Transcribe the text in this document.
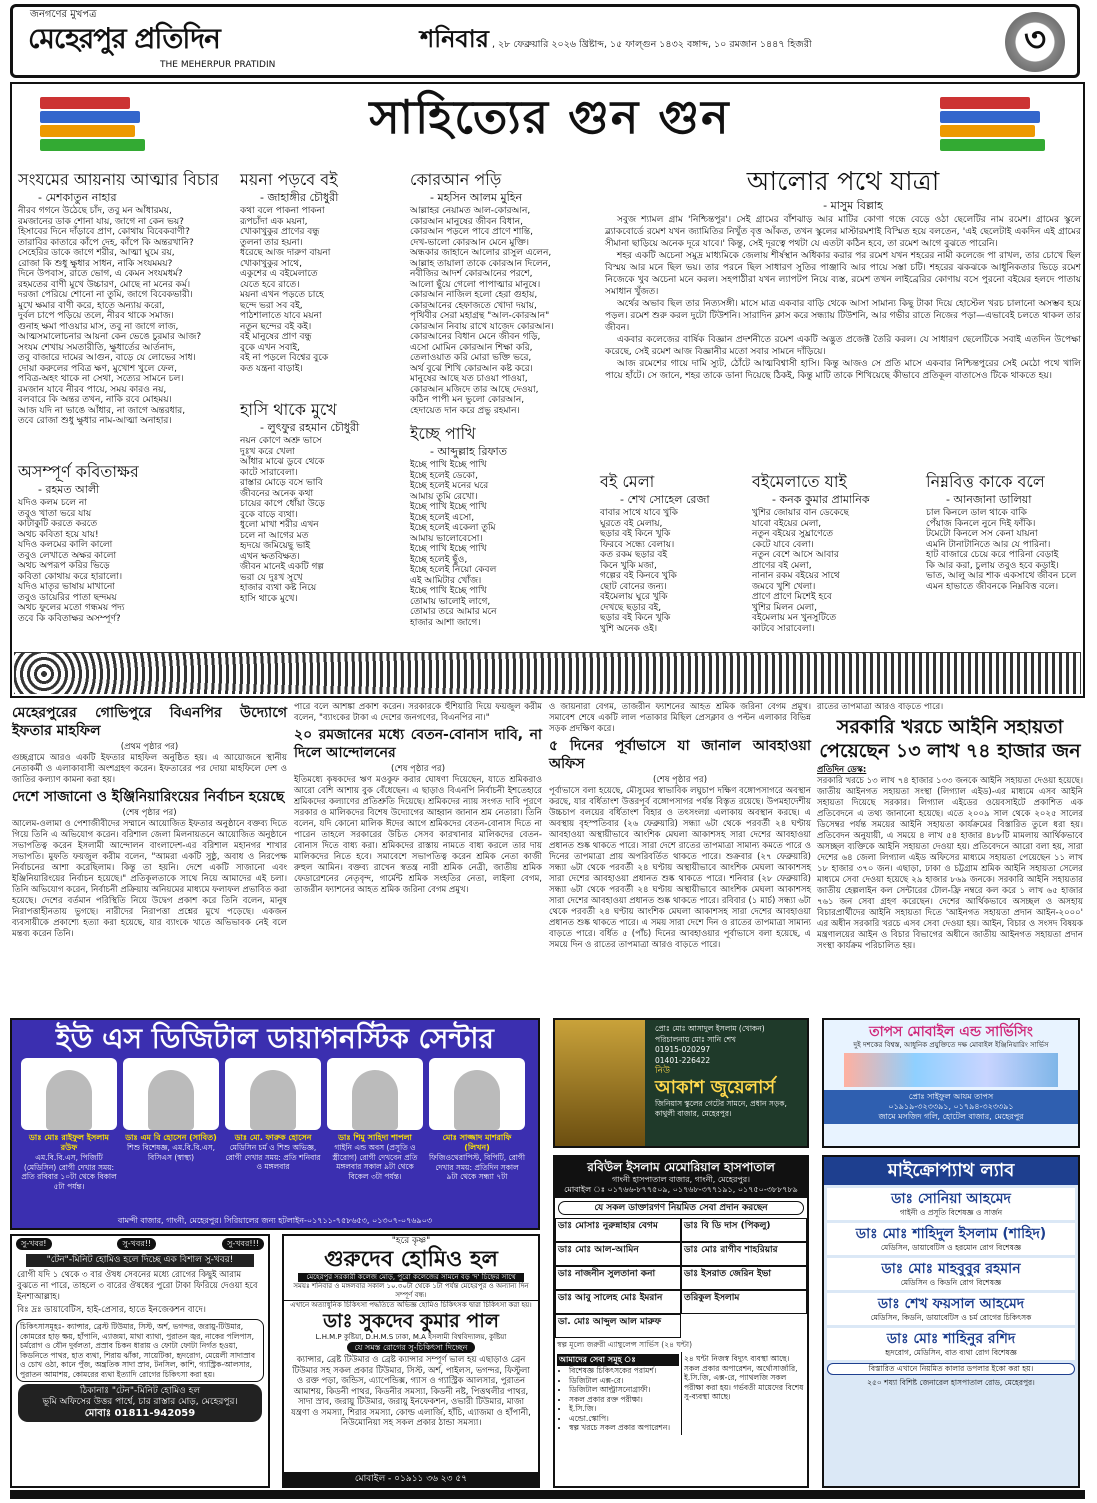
জনগণের মুখপত্র
মেহেরপুর প্রতিদিন
THE MEHERPUR PRATIDIN
শনিবার , ২৮ ফেব্রুয়ারি ২০২৬ খ্রিষ্টাব্দ, ১৫ ফাল্গুন ১৪৩২ বঙ্গাব্দ, ১০ রমজান ১৪৪৭ হিজরী	৩
সাহিত্যের গুন গুন
সংযমের আয়নায় আত্মার বিচার
- মেশকাতুন নাহার
নীরব গগনে উঠেছে চাঁদ, তবু মন আঁধারময়,
রমজানের ডাক শোনা যায়, জাগে না কেন ভয়?
হিসাবের দিনে দাঁড়াবে প্রাণ, কোথায় বিবেকবাণী?
তারাবির কাতারে কাঁপে দেহ, কাঁপে কি অন্তরখানি?
সেহেরির ডাকে জাগে শরীর, আত্মা ঘুমে রয়,
রোজা কি শুধু ক্ষুধার সাধন, নাকি সংযমময়?
দিনে উপবাস, রাতে ভোগ, এ কেমন সংযমধর্ম?
রহমতের বাণী মুখে উচ্চারণ, মোছে না মনের কর্ম।
দরজা পেরিয়ে শোনো না তুমি, জাগে বিবেকভারী।
মুখে ক্ষমার বাণী করে, হাতে অন্যায় করো,
দুর্বল চাপে পড়িয়ে তলে, নীরব থাকে সমাজ।
গুনাহ ক্ষমা পাওয়ার মাস, তবু না জাগে লাজ,
আত্মসমালোচনার আয়না কেন ভেঙে চুরমার আজ?
সংযম শেখায় সমতারীতি, ক্ষুধার্তের আর্তনাদ,
তবু বাজারে দামের আগুন, বাড়ে যে লোভের সাধ।
দোয়া করুলের পবিত্র ক্ষণ, মুখোশ খুলে ফেল,
পবিত্র-অহং থাকে না সেথা, সত্যের সামনে চল।
রমজান যাবে নীরব পায়ে, সময় কারও নয়,
বলবারে কি অন্তর তখন, নাকি রবে মোহময়।
আজ যদি না ভাঙে আঁধার, না জাগে অন্তরধার,
তবে রোজা শুধু ক্ষুধার নাম-আত্মা অনাহার।
অসম্পূর্ণ কবিতাক্ষর
- রহমত আলী
যদিও কলম চলে না
তবুও খাতা ভরে যায়
কাটাকুটি করতে করতে
অথচ কবিতা হয়ে যায়!
যদিও কলমের কালি কালো
তবুও লেখাতে অক্ষর কালো
অথচ অপরূপ করির ভিড়ে
কবিতা কোথায় করে হারালো।
যদিও মাতৃর ভাষায় মাখানো
তবুও ডায়েরির পাতা ছন্দময়
অথচ ফুলের মতো গন্ধময় পদ্য
তবে কি কবিতাক্ষর অসম্পূর্ণ?
ময়না পড়বে বই
- জাহাঙ্গীর চৌধুরী
কথা বলে পাকনা পাকনা
রূপচাঁদা এক ময়না,
খোকাখুকুর প্রাণের বন্ধু
তুলনা তার হয়না।
ধরেছে আজ দারুণ বায়না
খোকাখুকুর সাথে,
একুশের এ বইমেলাতে
যেতে হবে রাতে।
ময়না এখন পড়তে চাহে
ছন্দে ভরা সব বই,
পাঠশালাতে যাবে ময়না
নতুন ছন্দের বই কই।
বই মানুষের প্রাণ বন্ধু
বুকে এখন সবাই,
বই না পড়লে বিশ্বের বুকে
কত যন্ত্রনা বাড়াই।
হাসি থাকে মুখে
- লুৎফুর রহমান চৌধুরী
নয়ন কোণে অশ্রু ভাসে
দুঃখ করে খেলা
আঁধার মাঝে ডুবে থেকে
কাটে সারাবেলা।
রাস্তার মোড়ে বসে ভাবি
জীবনের অনেক কথা
চায়ের কাপে ধোঁয়া উড়ে
বুকে বাড়ে ব্যথা।
ধুলো মাখা শরীর এখন
চলে না আগের মত
হৃদয়ে জমিয়েছু ভাই
এখন ক্ষতবিক্ষত।
জীবন মানেই একটি গল্প
ভরা যে দুঃখ সুখে
হাজার ব্যথা কষ্ট নিয়ে
হাসি থাকে মুখে।
কোরআন পড়ি
- মহসিন আলম মুহিন
আল্লাহর নেয়ামত আল-কোরআন,
কোরআন মানুষের জীবন বিধান,
কোরআন পড়লে পাবে প্রাণে শান্তি,
দেখ-ভালো কোরআন মেনে মুক্তি।
অন্ধকার জাহানে আলোর রাসুল এলেন,
আল্লাহ তায়ালা তাকে কোরআন দিলেন,
নবীজির আদর্শ কোরআনের পরশে,
আলো ছুঁয়ে গেলো পাপাত্মার মানুষে।
কোরআন নাজিল হলো হেরা গুহায়,
কোরআনের হেফাজতে খোদা দয়ায়,
পৃথিবীর সেরা মহাগ্রন্থ "আল-কোরআন"
কোরআন নিবায় রাখে যাজেদ কোরআন।
কোরআনের বিধান মেনে জীবন গড়ি,
এসো মোমিন কোরআন শিক্ষা করি,
তেলাওয়াত করি মোরা ভক্তি ভরে,
অর্থ বুঝে শিখি কোরআন কষ্ট করে।
মানুষের আছে যত চাওয়া পাওয়া,
কোরআন মজিদে তার আছে দেওয়া,
কঠিন পাপী মন ভুলো কোরআন,
হেদায়েত দান করে প্রভু রহমান।
ইচ্ছে পাখি
- আব্দুল্লাহ রিফাত
ইচ্ছে পাখি ইচ্ছে পাখি
ইচ্ছে হলেই ডেকো,
ইচ্ছে হলেই মনের ঘরে
আমায় তুমি রেখো।
ইচ্ছে পাখি ইচ্ছে পাখি
ইচ্ছে হলেই এসো,
ইচ্ছে হলেই একেলা তুমি
আমায় ভালোবেসো।
ইচ্ছে পাখি ইচ্ছে পাখি
ইচ্ছে হলেই ছুঁও,
ইচ্ছে হলেই নিয়ো কেবল
এই আমিটার খোঁজ।
ইচ্ছে পাখি ইচ্ছে পাখি
তোমায় ভালোই লাগে,
তোমার তরে আমার মনে
হাজার আশা জাগে।
বই মেলা
- শেখ সোহেল রেজা
বাবার সাথে যাবে খুকি
ঘুরতে বই মেলায়,
ছড়ার বই কিনে খুকি
ফিরবে সন্ধ্যে বেলায়।
কত রকম ছড়ার বই
কিনে খুকি মজা,
গল্পের বই কিনবে খুকি
ছোট বোনের জন্য।
বইমেলায় ঘুরে খুকি
দেখছে ছড়ার বই,
ছড়ার বই কিনে খুকি
খুশি অনেক ওই।
বইমেলাতে যাই
- কনক কুমার প্রামানিক
খুশির জোয়ার বান ডেকেছে
যাবো বইয়ের মেলা,
নতুন বইয়ের সুঘ্রাণেতে
কেটে যাবে বেলা।
নতুন বেশে আসে আবার
প্রাণের বই মেলা,
নানান রকম বইয়ের সাথে
জমবে খুশি খেলা।
প্রাণে প্রাণে মিশেই হবে
খুশির মিলন মেলা,
বইমেলায় মন খুনসুটিতে
কাটবে সারাবেলা।
নিম্নবিত্ত কাকে বলে
- আনজানা ডালিয়া
চাল কিনলে ডাল থাকে বাকি
পেঁয়াজ কিনলে নুনে দিই ফাঁকি।
টমেটো কিনলে সস কেনা যায়না
এমনি টানাটানিতে আর যে পারিনা।
হাট বাজারে চেয়ে করে পারিনা বেড়াই
কি আর করা, চুলায় তবুও হবে কড়াই।
ভাত, আলু আর শাক একসাথে জীবন চলে
এমন হাভাতে জীবনকে নিম্নবিত্ত বলে।
আলোর পথে যাত্রা
- মাসুম বিল্লাহ

সবুজ শ্যামল গ্রাম 'নিশ্চিন্তপুর'। সেই গ্রামের বাঁশঝাড় আর মাটির কোণা গন্ধে বেড়ে ওঠা ছেলেটির নাম রমেশ। গ্রামের স্কুলে ব্ল্যাকবোর্ডে রমেশ যখন জ্যামিতির নিখুঁত বৃত্ত আঁকত, তখন স্কুলের মাস্টারমশাই বিস্মিত হয়ে বলতেন, 'এই ছেলেটাই একদিন এই গ্রামের সীমানা ছাড়িয়ে অনেক দূরে যাবে।' কিন্তু, সেই দূরত্বে পথটা যে এতটা কঠিন হবে, তা রমেশ আগে বুঝতে পারেনি।

শহর একটি অচেনা সমুদ্র মাধ্যমিকে জেলায় শীর্ষস্থান অধিকার করার পর রমেশ যখন শহরের নামী কলেজে পা রাখল, তার চোখে ছিল বিস্ময় আর মনে ছিল ভয়। তার পরনে ছিল সাধারণ সুতির পাঞ্জাবি আর পায়ে সস্তা চটি। শহরের ঝকঝকে আধুনিকতার ভিড়ে রমেশ নিজেকে খুব অচেনা মনে করল। সহপাঠীরা যখন ল্যাপটপ নিয়ে ব্যস্ত, রমেশ তখন লাইব্রেরির কোণায় বসে পুরনো বইয়ের হলদে পাতায় সমাধান খুঁজত।

অর্থের অভাব ছিল তার নিত্যসঙ্গী। মাসে মাত্র একবার বাড়ি থেকে আসা সামান্য কিছু টাকা দিয়ে হোস্টেল খরচ চালানো অসম্ভব হয়ে পড়ল। রমেশ শুরু করল দুটো টিউশনি। সারাদিন ক্লাস করে সন্ধ্যায় টিউশনি, আর গভীর রাতে নিজের পড়া—এভাবেই চলতে থাকল তার জীবন।

একবার কলেজের বার্ষিক বিজ্ঞান প্রদর্শনীতে রমেশ একটি অদ্ভুত প্রজেক্ট তৈরি করল। যে সাধারণ ছেলেটিকে সবাই এতদিন উপেক্ষা করেছে, সেই রমেশ আজ বিজ্ঞানীর মতো সবার সামনে দাঁড়িয়ে।

আজ রমেশের গায়ে দামি স্যুট, ঠোঁটে আত্মবিশ্বাসী হাসি। কিন্তু আজও সে প্রতি মাসে একবার নিশ্চিন্তপুরের সেই মেঠো পথে খালি পায়ে হাঁটে। সে জানে, শহর তাকে ডানা দিয়েছে ঠিকই, কিন্তু মাটি তাকে শিখিয়েছে কীভাবে প্রতিকূল বাতাসেও টিকে থাকতে হয়।

মেহেরপুরের গোভিপুরে বিএনপির উদ্যোগে ইফতার মাহফিল
(প্রথম পৃষ্ঠার পর)
গুচ্ছগ্রামে আরও একটি ইফতার মাহফিল অনুষ্ঠিত হয়। এ আয়োজনে স্থানীয় নেতাকর্মী ও এলাকাবাসী অংশগ্রহণ করেন। ইফতারের পর দোয়া মাহফিলে দেশ ও জাতির কল্যাণ কামনা করা হয়।
দেশে সাজানো ও ইঞ্জিনিয়ারিংয়ের নির্বাচন হয়েছে
(শেষ পৃষ্ঠার পর)
আলেম-ওলামা ও পেশাজীবীদের সম্মানে আয়োজিত ইফতার অনুষ্ঠানে বক্তব্য দিতে গিয়ে তিনি এ অভিযোগ করেন। বরিশাল জেলা মিলনায়তনে আয়োজিত অনুষ্ঠানে সভাপতিত্ব করেন ইসলামী আন্দোলন বাংলাদেশ-এর বরিশাল মহানগর শাখার সভাপতি। মুফতি ফয়জুল করীম বলেন, "আমরা একটি সুষ্ঠু, অবাধ ও নিরপেক্ষ নির্বাচনের আশা করেছিলাম। কিন্তু তা হয়নি। দেশে একটি সাজানো এবং ইঞ্জিনিয়ারিংয়ের নির্বাচন হয়েছে।" প্রতিকূলতাকে সাথে নিয়ে আমাদের এই চলা। তিনি অভিযোগ করেন, নির্বাচনী প্রক্রিয়ায় অনিয়মের মাধ্যমে ফলাফল প্রভাবিত করা হয়েছে। দেশের বর্তমান পরিস্থিতি নিয়ে উদ্বেগ প্রকাশ করে তিনি বলেন, মানুষ নিরাপত্তাহীনতায় ভুগছে। নারীদের নিরাপত্তা প্রশ্নের মুখে পড়েছে। একজন ব্যবসায়ীকে প্রকাশ্যে হত্যা করা হয়েছে, যার ব্যাংকে খাতে অভিভাবক নেই বলে মন্তব্য করেন তিনি।
পারে বলে আশঙ্কা প্রকাশ করেন। সরকারকে হুঁশিয়ারি দিয়ে ফয়জুল করীম বলেন, "ব্যাংকের টাকা এ দেশের জনগণের, বিএনপির না।"
২০ রমজানের মধ্যে বেতন-বোনাস দাবি, না দিলে আন্দোলনের
(শেষ পৃষ্ঠার পর)
ইতিমধ্যে কৃষকদের ঋণ মওকুফ করার ঘোষণা দিয়েছেন, যাতে শ্রমিকরাও আরো বেশি আশায় বুক বেঁধেছেন। এ ছাড়াও বিএনপি নির্বাচনী ইশতেহারে শ্রমিকদের কল্যাণের প্রতিশ্রুতি দিয়েছে। শ্রমিকদের ন্যায় সংগত দাবি পূরণে সরকার ও মালিকদের বিশেষ উদ্যোগের আহ্বান জানান শ্রম নেতারা। তিনি বলেন, যদি কোনো মালিক ঈদের আগে শ্রমিকদের বেতন-বোনাস দিতে না পারেন তাহলে সরকারের উচিত সেসব কারখানার মালিকদের বেতন-বোনাস দিতে বাধ্য করা। শ্রমিকদের রাস্তায় নামতে বাধ্য করলে তার দায় মালিকদের নিতে হবে। সমাবেশে সভাপতিত্ব করেন শ্রমিক নেতা কাজী রুহুল আমিন। বক্তব্য রাখেন স্বতন্ত্র নারী শ্রমিক নেত্রী, জাতীয় শ্রমিক ফেডারেশনের নেতৃবৃন্দ, গার্মেন্ট শ্রমিক সংহতির নেতা, লাইলা বেগম, তাজরীন ফ্যাশনের আহত শ্রমিক জরিনা বেগম প্রমুখ।
ও জায়নারা বেগম, তাজরীন ফ্যাশনের আহত শ্রমিক জরিনা বেগম প্রমুখ। সমাবেশ শেষে একটি লাল পতাকার মিছিল প্রেসক্লাব ও পল্টন এলাকার বিভিন্ন সড়ক প্রদক্ষিণ করে।
৫ দিনের পূর্বাভাসে যা জানাল আবহাওয়া অফিস
(শেষ পৃষ্ঠার পর)
পূর্বাভাসে বলা হয়েছে, মৌসুমের স্বাভাবিক লঘুচাপ দক্ষিণ বঙ্গোপসাগরে অবস্থান করছে, যার বর্ধিতাংশ উত্তরপূর্ব বঙ্গোপসাগর পর্যন্ত বিস্তৃত রয়েছে। উপমহাদেশীয় উচ্চচাপ বলয়ের বর্ধিতাংশ বিহার ও তৎসংলগ্ন এলাকায় অবস্থান করছে। এ অবস্থায় বৃহস্পতিবার (২৬ ফেব্রুয়ারি) সন্ধ্যা ৬টা থেকে পরবর্তী ২৪ ঘণ্টায় আবহাওয়া অস্থায়ীভাবে আংশিক মেঘলা আকাশসহ সারা দেশের আবহাওয়া প্রধানত শুষ্ক থাকতে পারে। সারা দেশে রাতের তাপমাত্রা সামান্য কমতে পারে ও দিনের তাপমাত্রা প্রায় অপরিবর্তিত থাকতে পারে। শুক্রবার (২৭ ফেব্রুয়ারি) সন্ধ্যা ৬টা থেকে পরবর্তী ২৪ ঘণ্টায় অস্থায়ীভাবে আংশিক মেঘলা আকাশসহ সারা দেশের আবহাওয়া প্রধানত শুষ্ক থাকতে পারে। শনিবার (২৮ ফেব্রুয়ারি) সন্ধ্যা ৬টা থেকে পরবর্তী ২৪ ঘণ্টায় অস্থায়ীভাবে আংশিক মেঘলা আকাশসহ সারা দেশের আবহাওয়া প্রধানত শুষ্ক থাকতে পারে। রবিবার (১ মার্চ) সন্ধ্যা ৬টা থেকে পরবর্তী ২৪ ঘণ্টায় আংশিক মেঘলা আকাশসহ সারা দেশের আবহাওয়া প্রধানত শুষ্ক থাকতে পারে। এ সময় সারা দেশে দিন ও রাতের তাপমাত্রা সামান্য বাড়তে পারে। বর্ধিত ৫ (পাঁচ) দিনের আবহাওয়ার পূর্বাভাসে বলা হয়েছে, এ সময়ে দিন ও রাতের তাপমাত্রা আরও বাড়তে পারে।
রাতের তাপমাত্রা আরও বাড়তে পারে।
সরকারি খরচে আইনি সহায়তা পেয়েছেন ১৩ লাখ ৭৪ হাজার জন
প্রতিদিন ডেস্ক:
সরকারি খরচে ১৩ লাখ ৭৪ হাজার ১৩৩ জনকে আইনি সহায়তা দেওয়া হয়েছে। জাতীয় আইনগত সহায়তা সংস্থা (লিগ্যাল এইড)-এর মাধ্যমে এসব আইনি সহায়তা দিয়েছে সরকার। লিগ্যাল এইডের ওয়েবসাইটে প্রকাশিত এক প্রতিবেদনে এ তথ্য জানানো হয়েছে। এতে ২০০৯ সাল থেকে ২০২৫ সালের ডিসেম্বর পর্যন্ত সময়ের আইনি সহায়তা কার্যক্রমের বিস্তারিত তুলে ধরা হয়। প্রতিবেদন অনুযায়ী, এ সময়ে ৪ লাখ ৫৪ হাজার ৪৮৮টি মামলায় আর্থিকভাবে অসচ্ছল ব্যক্তিকে আইনি সহায়তা দেওয়া হয়। প্রতিবেদনে আরো বলা হয়, সারা দেশের ৬৪ জেলা লিগ্যাল এইড অফিসের মাধ্যমে সহায়তা পেয়েছেন ১১ লাখ ১৮ হাজার ৩৭০ জন। এছাড়া, ঢাকা ও চট্টগ্রাম শ্রমিক আইনি সহায়তা সেলের মাধ্যমে সেবা দেওয়া হয়েছে ২৯ হাজার ৮৬৯ জনকে। সরকারি আইনি সহায়তার জাতীয় হেল্পলাইন কল সেন্টারের টোল-ফ্রি নম্বরে কল করে ১ লাখ ৬৫ হাজার ৭৬১ জন সেবা গ্রহণ করেছেন। দেশের আর্থিকভাবে অসচ্ছল ও অসহায় বিচারপ্রার্থীদের আইনি সহায়তা দিতে 'আইনগত সহায়তা প্রদান আইন-২০০০' এর অধীন সরকারি খরচে এসব সেবা দেওয়া হয়। আইন, বিচার ও সংসদ বিষয়ক মন্ত্রণালয়ের আইন ও বিচার বিভাগের অধীনে জাতীয় আইনগত সহায়তা প্রদান সংস্থা কার্যক্রম পরিচালিত হয়।
ইউ এস ডিজিটাল ডায়াগনস্টিক সেন্টার
ডাঃ মোঃ রাইফুল ইসলাম রউফ
এম.বি.বি.এস, পিজিটি (মেডিসিন) রোগী দেখার সময়: প্রতি রবিবার ১০টা থেকে বিকাল ৫টা পর্যন্ত।
ডাঃ এম বি হোসেন (সাবিত)
শিশু বিশেষজ্ঞ, এম.বি.বি.এস, বিসিএস (স্বাস্থ্য)
ডাঃ মো. ফারুক হোসেন
মেডিসিন চর্ম ও শিশু অভিজ্ঞ, রোগী দেখার সময়: প্রতি শনিবার ও মঙ্গলবার
ডাঃ শিমু সাহিদা শাপলা
গাইনি এন্ড অবস (প্রসূতি ও স্ত্রীরোগ) রোগী দেখবেন প্রতি মঙ্গলবার সকাল ৯টা থেকে বিকেল ৩টা পর্যন্ত।
মোঃ সাজ্জাদ মাশরাফি (লিখন)
ফিজিওথেরাপিস্ট, বিপিটি, রোগী দেখার সময়: প্রতিদিন সকাল ৯টা থেকে সন্ধ্যা ৭টা
বামন্দী বাজার, গাংনী, মেহেরপুর। সিরিয়ালের জন্য হটলাইন-০১৭১১-৭৫৮৬৫৩, ০১৩০৭-০৭৬৯০৩
প্রোঃ মোঃ আসাদুল ইসলাম (খোকন)
পরিচালনায় মোঃ সানি শেখ
01915-020297
01401-226422
নিউ
আকাশ জুয়েলার্স
জিনিয়াস স্কুলের গেটের সামনে, প্রধান সড়ক, কাথুলী বাজার, মেহেরপুর।
তাপস মোবাইল এন্ড সার্ভিসিং
দুই দশকের বিশ্বস্ত, আধুনিক প্রযুক্তিতে দক্ষ মোবাইল ইঞ্জিনিয়ারিং সার্ভিস
প্রোঃ সাইফুল আযম তাপস
০১৯১৯-৩২৩৩৯১, ০১৭৯৪-৩২৩৩৯১
জামে মসজিদ গলি, হোটেল বাজার, মেহেরপুর
রবিউল ইসলাম মেমোরিয়াল হাসপাতাল
গাংনী হাসপাতাল বাজার, গাংনী, মেহেরপুর।
মোবাইল ঃ ০১৭৬৬-৮৭৭৫০৯, ০১৭৬৮-৩৭৭১৯১, ০১৭৫০-৩৮৮৭৮৯
যে সকল ডাক্তারগণ নিয়মিত সেবা প্রদান করছেন
ডাঃ মোসাঃ নুরুন্নাহার বেগম	ডাঃ বি ডি দাস (পিকলু)
ডাঃ মোঃ আল-আমিন	ডাঃ মোঃ রাগীব শাহরিয়ার
ডাঃ নাজনীন সুলতানা কনা	ডাঃ ইসরাত জেরিন ইভা
ডাঃ আবু সালেহ মোঃ ইমরান	তরিকুল ইসলাম
ডা. মোঃ আব্দুল আল মারুফ
স্বল্প মূল্যে জরুরী এ্যাম্বুলেন্স সার্ভিস (২৪ ঘন্টা)
আমাদের সেবা সমূহ ঃ
• বিশেষজ্ঞ চিকিৎসকের পরামর্শ।
• ডিজিটাল এক্স-রে।
• ডিজিটাল আল্ট্রাসনোগ্রাফী।
• সকল প্রকার রক্ত পরীক্ষা।
• ই.সি.জি।
• এন্ডো.স্কোপি।
• স্বল্প খরচে সকল প্রকার অপারেশন।
২৪ ঘন্টা নিজস্ব বিদ্যুৎ ব্যবস্থা আছে। সকল প্রকার অপারেশন, অর্থোসার্জারি, ই.সি.জি, এক্স-রে, প্যাথলজি সকল পরীক্ষা করা হয়। গর্ভবতী মায়েদের বিশেষ সু-ব্যবস্থা আছে।
মাইক্রোপ্যাথ ল্যাব
ডাঃ সোনিয়া আহমেদ
গাইনী ও প্রসূতি বিশেষজ্ঞ ও সার্জন
ডাঃ মোঃ শাহিদুল ইসলাম (শাহিদ)
মেডিসিন, ডায়াবেটিস ও হরমোন রোগ বিশেষজ্ঞ
ডাঃ মোঃ মাহবুবুর রহমান
মেডিসিন ও কিডনি রোগ বিশেষজ্ঞ
ডাঃ শেখ ফয়সাল আহমেদ
মেডিসিন, কিডনি, ডায়াবেটিস ও চর্ম রোগের চিকিৎসক
ডাঃ মোঃ শাহিনুর রশিদ
হৃদরোগ, মেডিসিন, বাত ব্যথা রোগ বিশেষজ্ঞ
বিস্তারিত এখানে নিয়মিত কালার ডপলার ইকো করা হয়।
২৫০ শয্যা বিশিষ্ট জেনারেল হাসপাতাল রোড, মেহেরপুর।
সু-খবর!	সু-খবর!!	সু-খবর!!!
"টেন"-মিনিট হোমিও হলে দিচ্ছে এক বিশাল সু-খবর!
রোগী যদি ১ থেকে ৩ বার ঔষধ সেবনের মধ্যে রোগের কিছুই আরাম বুঝতে না পারে, তাহলে ৩ বারের ঔষধের পুরো টাকা ফিরিয়ে দেওয়া হবে ইনশাআল্লাহ।
বিঃ দ্রঃ ডায়াবেটিস, হাই-প্রেসার, হাতে ইনজেকশন বাদে।
চিকিৎসাসমূহঃ- ক্যান্সার, ব্রেস্ট টিউমার, সিস্ট, অর্শ, ভগন্দর, জরায়ু-টিউমার, কোমরের হাড় ক্ষয়, হাঁপানি, এ্যাজমা, মাথা ব্যাথা, পুরাতন জ্বর, নাকের পলিপাস, চর্মরোগ ও যৌন দুর্বলতা, প্রস্রাব চিকন ধারায় ও ফোটা ফোটা নির্গত হওয়া, কিডনিতে পাথর, হাত ব্যথা, শিরায় ঝাঁকা, সায়েটিকা, হৃদরোগ, মেয়েলী সাদাস্রাব ও চোখ ওঠা, কানে পুঁজ, অন্ত্রতিক সাদা স্রাব, টনসিল, কাশি, গ্যাস্ট্রিক-আলসার, পুরাতন আমাশয়, কোমরের ব্যথা ইত্যাদি রোগের চিকিৎসা করা হয়।
ঠিকানাঃ "টেন"-মিনিট হোমিও হল
ভূমি অফিসের উত্তর পার্শ্বে, চার রাস্তার মোড়, মেহেরপুর।
মোবাঃ 01811-942059
"হরে কৃষ্ণ"
গুরুদেব হোমিও হল
মেহেরপুর সরকারী কলেজ মোড়, পুরো কলেজের সামনে বড় 'দ' চিহ্নের সাথে
সময়ঃ শনিবার ও মঙ্গলবার সকাল ১০.৩০টা থেকে ১টা পর্যন্ত মেহেরপুর ও অন্যান্য দিন সম্পূর্ণ বন্ধ।
এখানে অত্যাধুনিক চিকিৎসা পদ্ধতিতে অভিজ্ঞ হোমিও চিকিৎসক দ্বারা চিকিৎসা করা হয়।
ডাঃ সুকদেব কুমার পাল
L.H.M.P কুষ্টিয়া, D.H.M.S ঢাকা, M.A ইসলামী বিশ্ববিদ্যালয়, কুষ্টিয়া
যে সমস্ত রোগের সু-চিকিৎসা দিচ্ছেন
ক্যান্সার, ব্রেষ্ট টিউমার ও ব্রেষ্ট ক্যান্সার সম্পূর্ণ ভাল হয় এছাড়াও ব্রেন টিউমার সহ সকল প্রকার টিউমার, সিস্ট, অর্শ, পাইলস, ভগন্দর, ফিস্টুলা ও রক্ত পড়া, জন্ডিস, এ্যাপেন্ডিক্স, গ্যাস ও গ্যাস্ট্রিক আলসার, পুরাতন আমাশয়, কিডনী পাথর, কিডনীর সমস্যা, কিডনী নষ্ট, পিত্তথলীর পাথর, সাদা স্রাব, জরায়ু টিউমার, জরায়ু ইনফেকশন, ওভারী টিউমার, মাজা যন্ত্রণা ও সমস্যা, শিরার সমস্যা, কোল্ড এলার্জি, হাঁচি, এ্যাজমা ও হাঁপানী, নিউমোনিয়া সহ সকল প্রকার ঠান্ডা সমস্যা।
মোবাইল - ০১৯১১ ৩৬ ২৩ ৫৭
